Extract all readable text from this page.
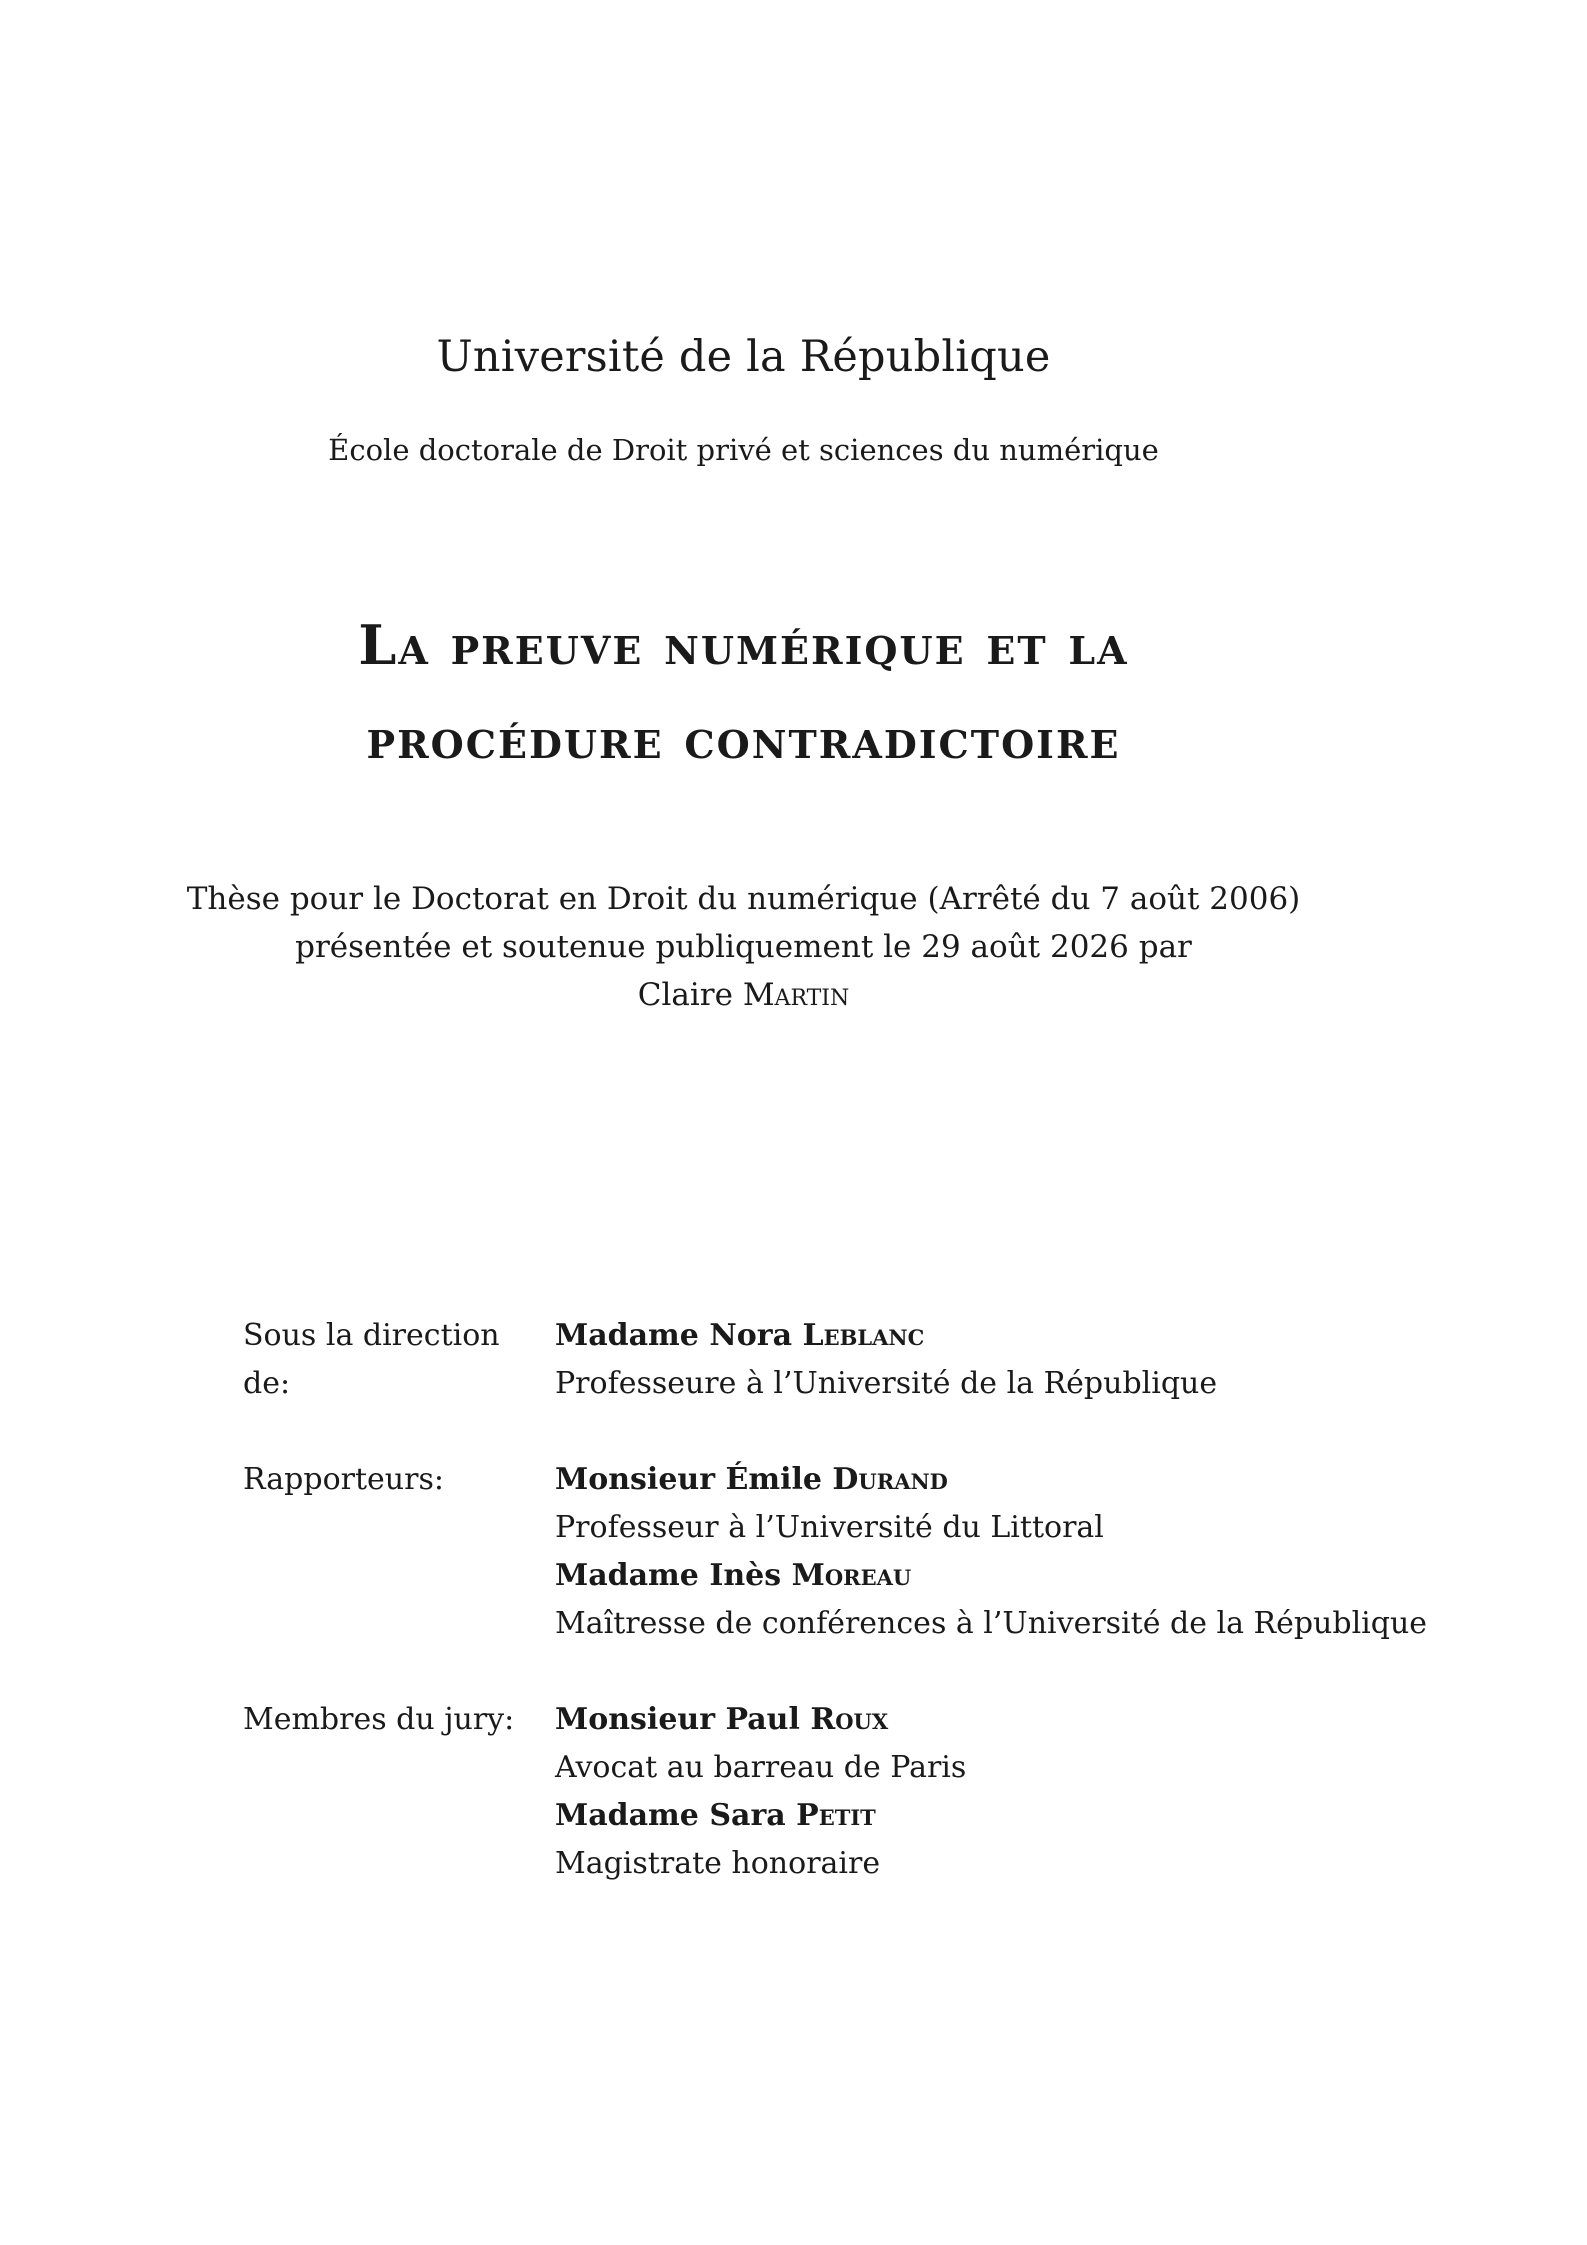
Université de la République
École doctorale de Droit privé et sciences du numérique
La preuve numérique et la
procédure contradictoire
Thèse pour le Doctorat en Droit du numérique (Arrêté du 7 août 2006)
présentée et soutenue publiquement le 29 août 2026 par
Claire Martin
Sous la direction de:
Madame Nora Leblanc
Professeure à l’Université de la République
Rapporteurs:	Monsieur Émile Durand
Professeur à l’Université du Littoral
Madame Inès Moreau
Maîtresse de conférences à l’Université de la République
Membres du jury:	Monsieur Paul Roux
Avocat au barreau de Paris
Madame Sara Petit
Magistrate honoraire
